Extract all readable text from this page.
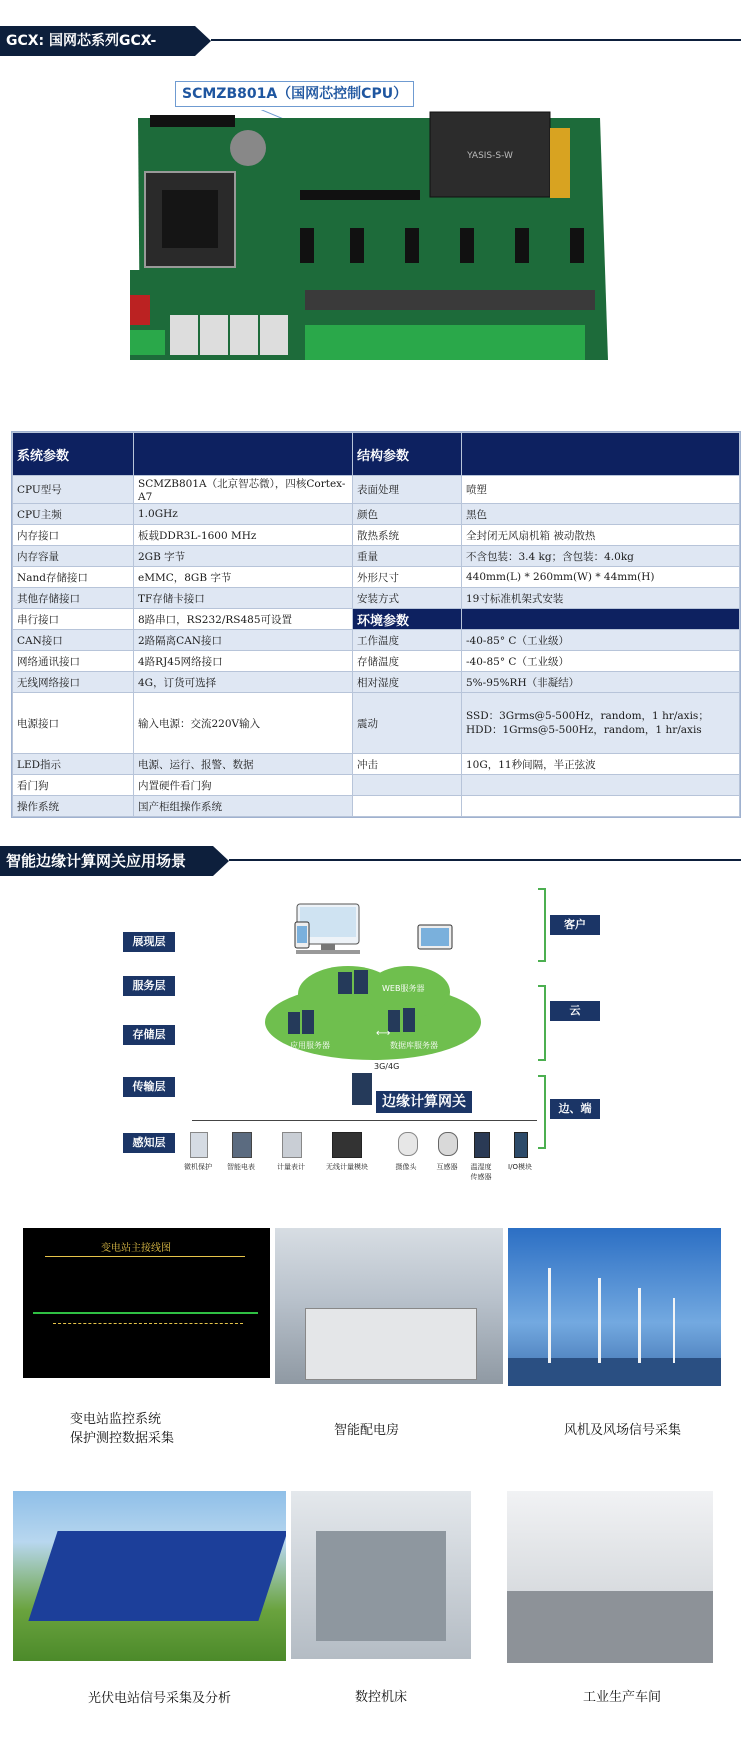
GCX: 国网芯系列GCX-M408
SCMZB801A（国网芯控制CPU）
YASIS-S-W
系统参数		结构参数	
CPU型号	SCMZB801A（北京智芯微），四核Cortex-A7	表面处理	喷塑
CPU主频	1.0GHz	颜色	黑色
内存接口	板载DDR3L-1600 MHz	散热系统	全封闭无风扇机箱 被动散热
内存容量	2GB 字节	重量	不含包装：3.4 kg；含包装：4.0kg
Nand存储接口	eMMC，8GB 字节	外形尺寸	440mm(L) * 260mm(W) * 44mm(H)
其他存储接口	TF存储卡接口	安装方式	19寸标准机架式安装
串行接口	8路串口，RS232/RS485可设置	环境参数	
CAN接口	2路隔离CAN接口	工作温度	-40-85° C（工业级）
网络通讯接口	4路RJ45网络接口	存储温度	-40-85° C（工业级）
无线网络接口	4G，订货可选择	相对湿度	5%-95%RH（非凝结）
电源接口	输入电源：交流220V输入	震动	SSD：3Grms@5-500Hz，random，1 hr/axis；HDD：1Grms@5-500Hz，random，1 hr/axis
LED指示	电源、运行、报警、数据	冲击	10G，11秒间隔，半正弦波
看门狗	内置硬件看门狗		
操作系统	国产柜组操作系统		
智能边缘计算网关应用场景
展现层
服务层
存储层
传输层
感知层
客户
云
边、端
⟷
WEB服务器
应用服务器	数据库服务器
3G/4G
边缘计算网关
微机保护	智能电表	计量表计	无线计量模块	摄像头	互感器	温湿度
传感器
I/O模块
变电站主接线图
变电站监控系统
保护测控数据采集
智能配电房	风机及风场信号采集
光伏电站信号采集及分析	数控机床	工业生产车间
